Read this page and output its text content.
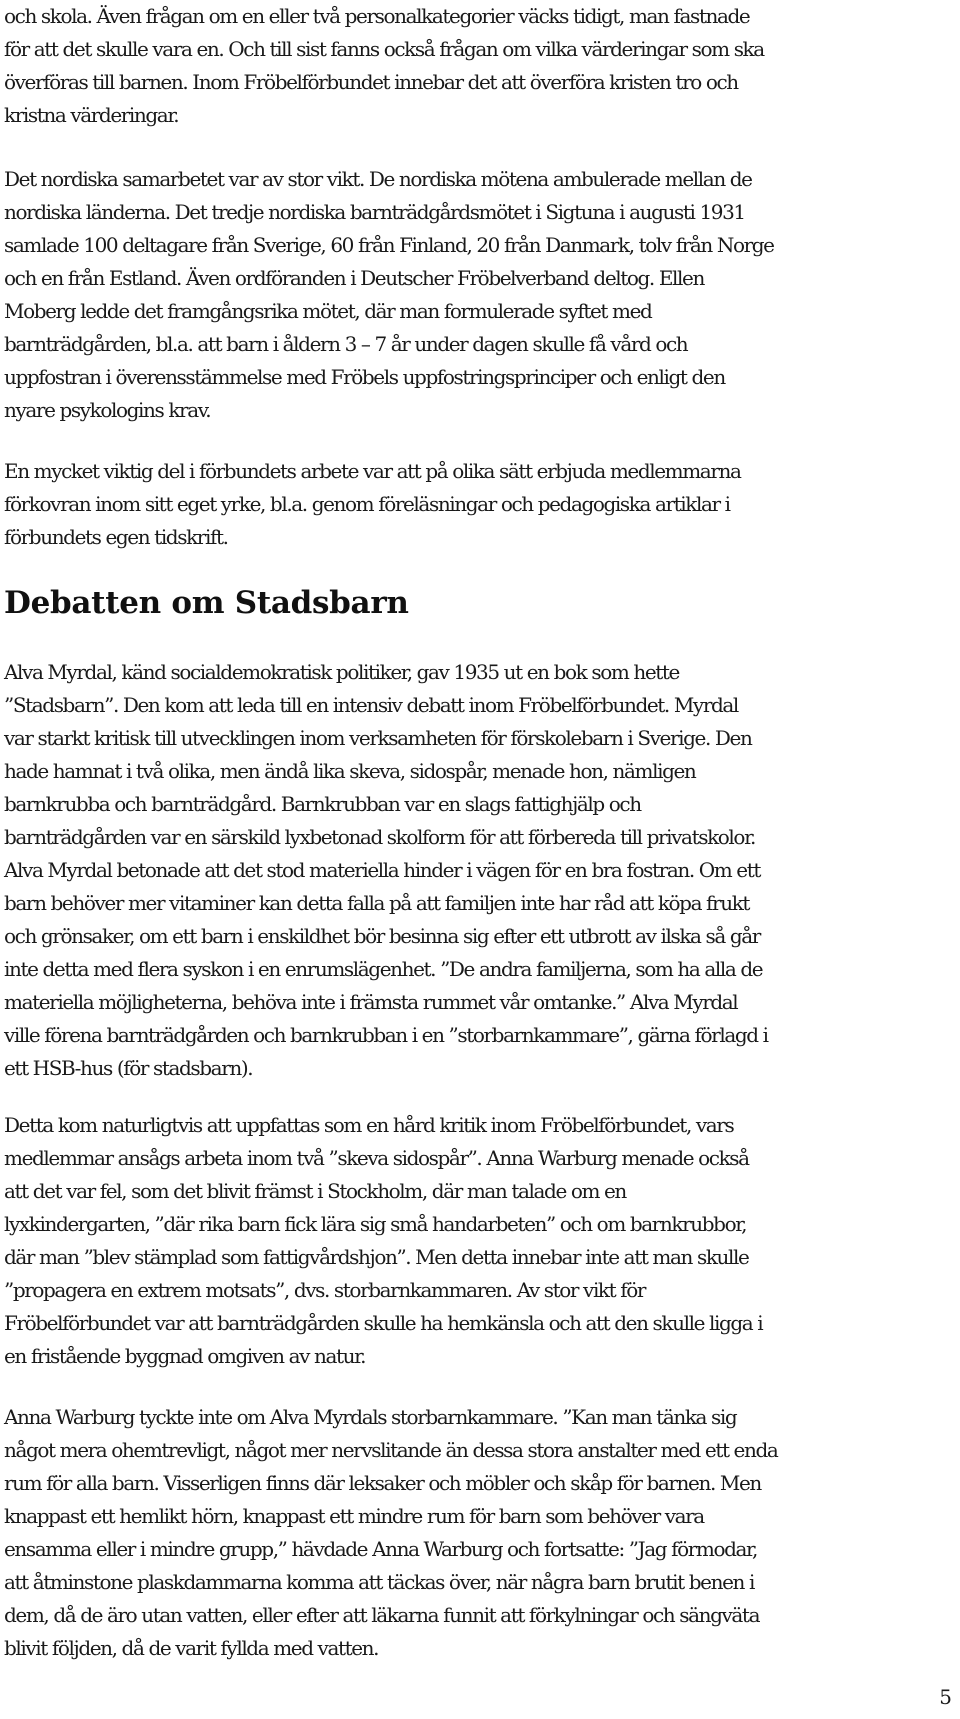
och skola. Även frågan om en eller två personalkategorier väcks tidigt, man fastnade
för att det skulle vara en. Och till sist fanns också frågan om vilka värderingar som ska
överföras till barnen. Inom Fröbelförbundet innebar det att överföra kristen tro och
kristna värderingar.

Det nordiska samarbetet var av stor vikt. De nordiska mötena ambulerade mellan de
nordiska länderna. Det tredje nordiska barnträdgårdsmötet i Sigtuna i augusti 1931
samlade 100 deltagare från Sverige, 60 från Finland, 20 från Danmark, tolv från Norge
och en från Estland. Även ordföranden i Deutscher Fröbelverband deltog. Ellen
Moberg ledde det framgångsrika mötet, där man formulerade syftet med
barnträdgården, bl.a. att barn i åldern 3 – 7 år under dagen skulle få vård och
uppfostran i överensstämmelse med Fröbels uppfostringsprinciper och enligt den
nyare psykologins krav.

En mycket viktig del i förbundets arbete var att på olika sätt erbjuda medlemmarna
förkovran inom sitt eget yrke, bl.a. genom föreläsningar och pedagogiska artiklar i
förbundets egen tidskrift.

Debatten om Stadsbarn

Alva Myrdal, känd socialdemokratisk politiker, gav 1935 ut en bok som hette
”Stadsbarn”. Den kom att leda till en intensiv debatt inom Fröbelförbundet. Myrdal
var starkt kritisk till utvecklingen inom verksamheten för förskolebarn i Sverige. Den
hade hamnat i två olika, men ändå lika skeva, sidospår, menade hon, nämligen
barnkrubba och barnträdgård. Barnkrubban var en slags fattighjälp och
barnträdgården var en särskild lyxbetonad skolform för att förbereda till privatskolor.
Alva Myrdal betonade att det stod materiella hinder i vägen för en bra fostran. Om ett
barn behöver mer vitaminer kan detta falla på att familjen inte har råd att köpa frukt
och grönsaker, om ett barn i enskildhet bör besinna sig efter ett utbrott av ilska så går
inte detta med flera syskon i en enrumslägenhet. ”De andra familjerna, som ha alla de
materiella möjligheterna, behöva inte i främsta rummet vår omtanke.” Alva Myrdal
ville förena barnträdgården och barnkrubban i en ”storbarnkammare”, gärna förlagd i
ett HSB-hus (för stadsbarn).

Detta kom naturligtvis att uppfattas som en hård kritik inom Fröbelförbundet, vars
medlemmar ansågs arbeta inom två ”skeva sidospår”. Anna Warburg menade också
att det var fel, som det blivit främst i Stockholm, där man talade om en
lyxkindergarten, ”där rika barn fick lära sig små handarbeten” och om barnkrubbor,
där man ”blev stämplad som fattigvårdshjon”. Men detta innebar inte att man skulle
”propagera en extrem motsats”, dvs. storbarnkammaren. Av stor vikt för
Fröbelförbundet var att barnträdgården skulle ha hemkänsla och att den skulle ligga i
en fristående byggnad omgiven av natur.

Anna Warburg tyckte inte om Alva Myrdals storbarnkammare. ”Kan man tänka sig
något mera ohemtrevligt, något mer nervslitande än dessa stora anstalter med ett enda
rum för alla barn. Visserligen finns där leksaker och möbler och skåp för barnen. Men
knappast ett hemlikt hörn, knappast ett mindre rum för barn som behöver vara
ensamma eller i mindre grupp,” hävdade Anna Warburg och fortsatte: ”Jag förmodar,
att åtminstone plaskdammarna komma att täckas över, när några barn brutit benen i
dem, då de äro utan vatten, eller efter att läkarna funnit att förkylningar och sängväta
blivit följden, då de varit fyllda med vatten.

5
